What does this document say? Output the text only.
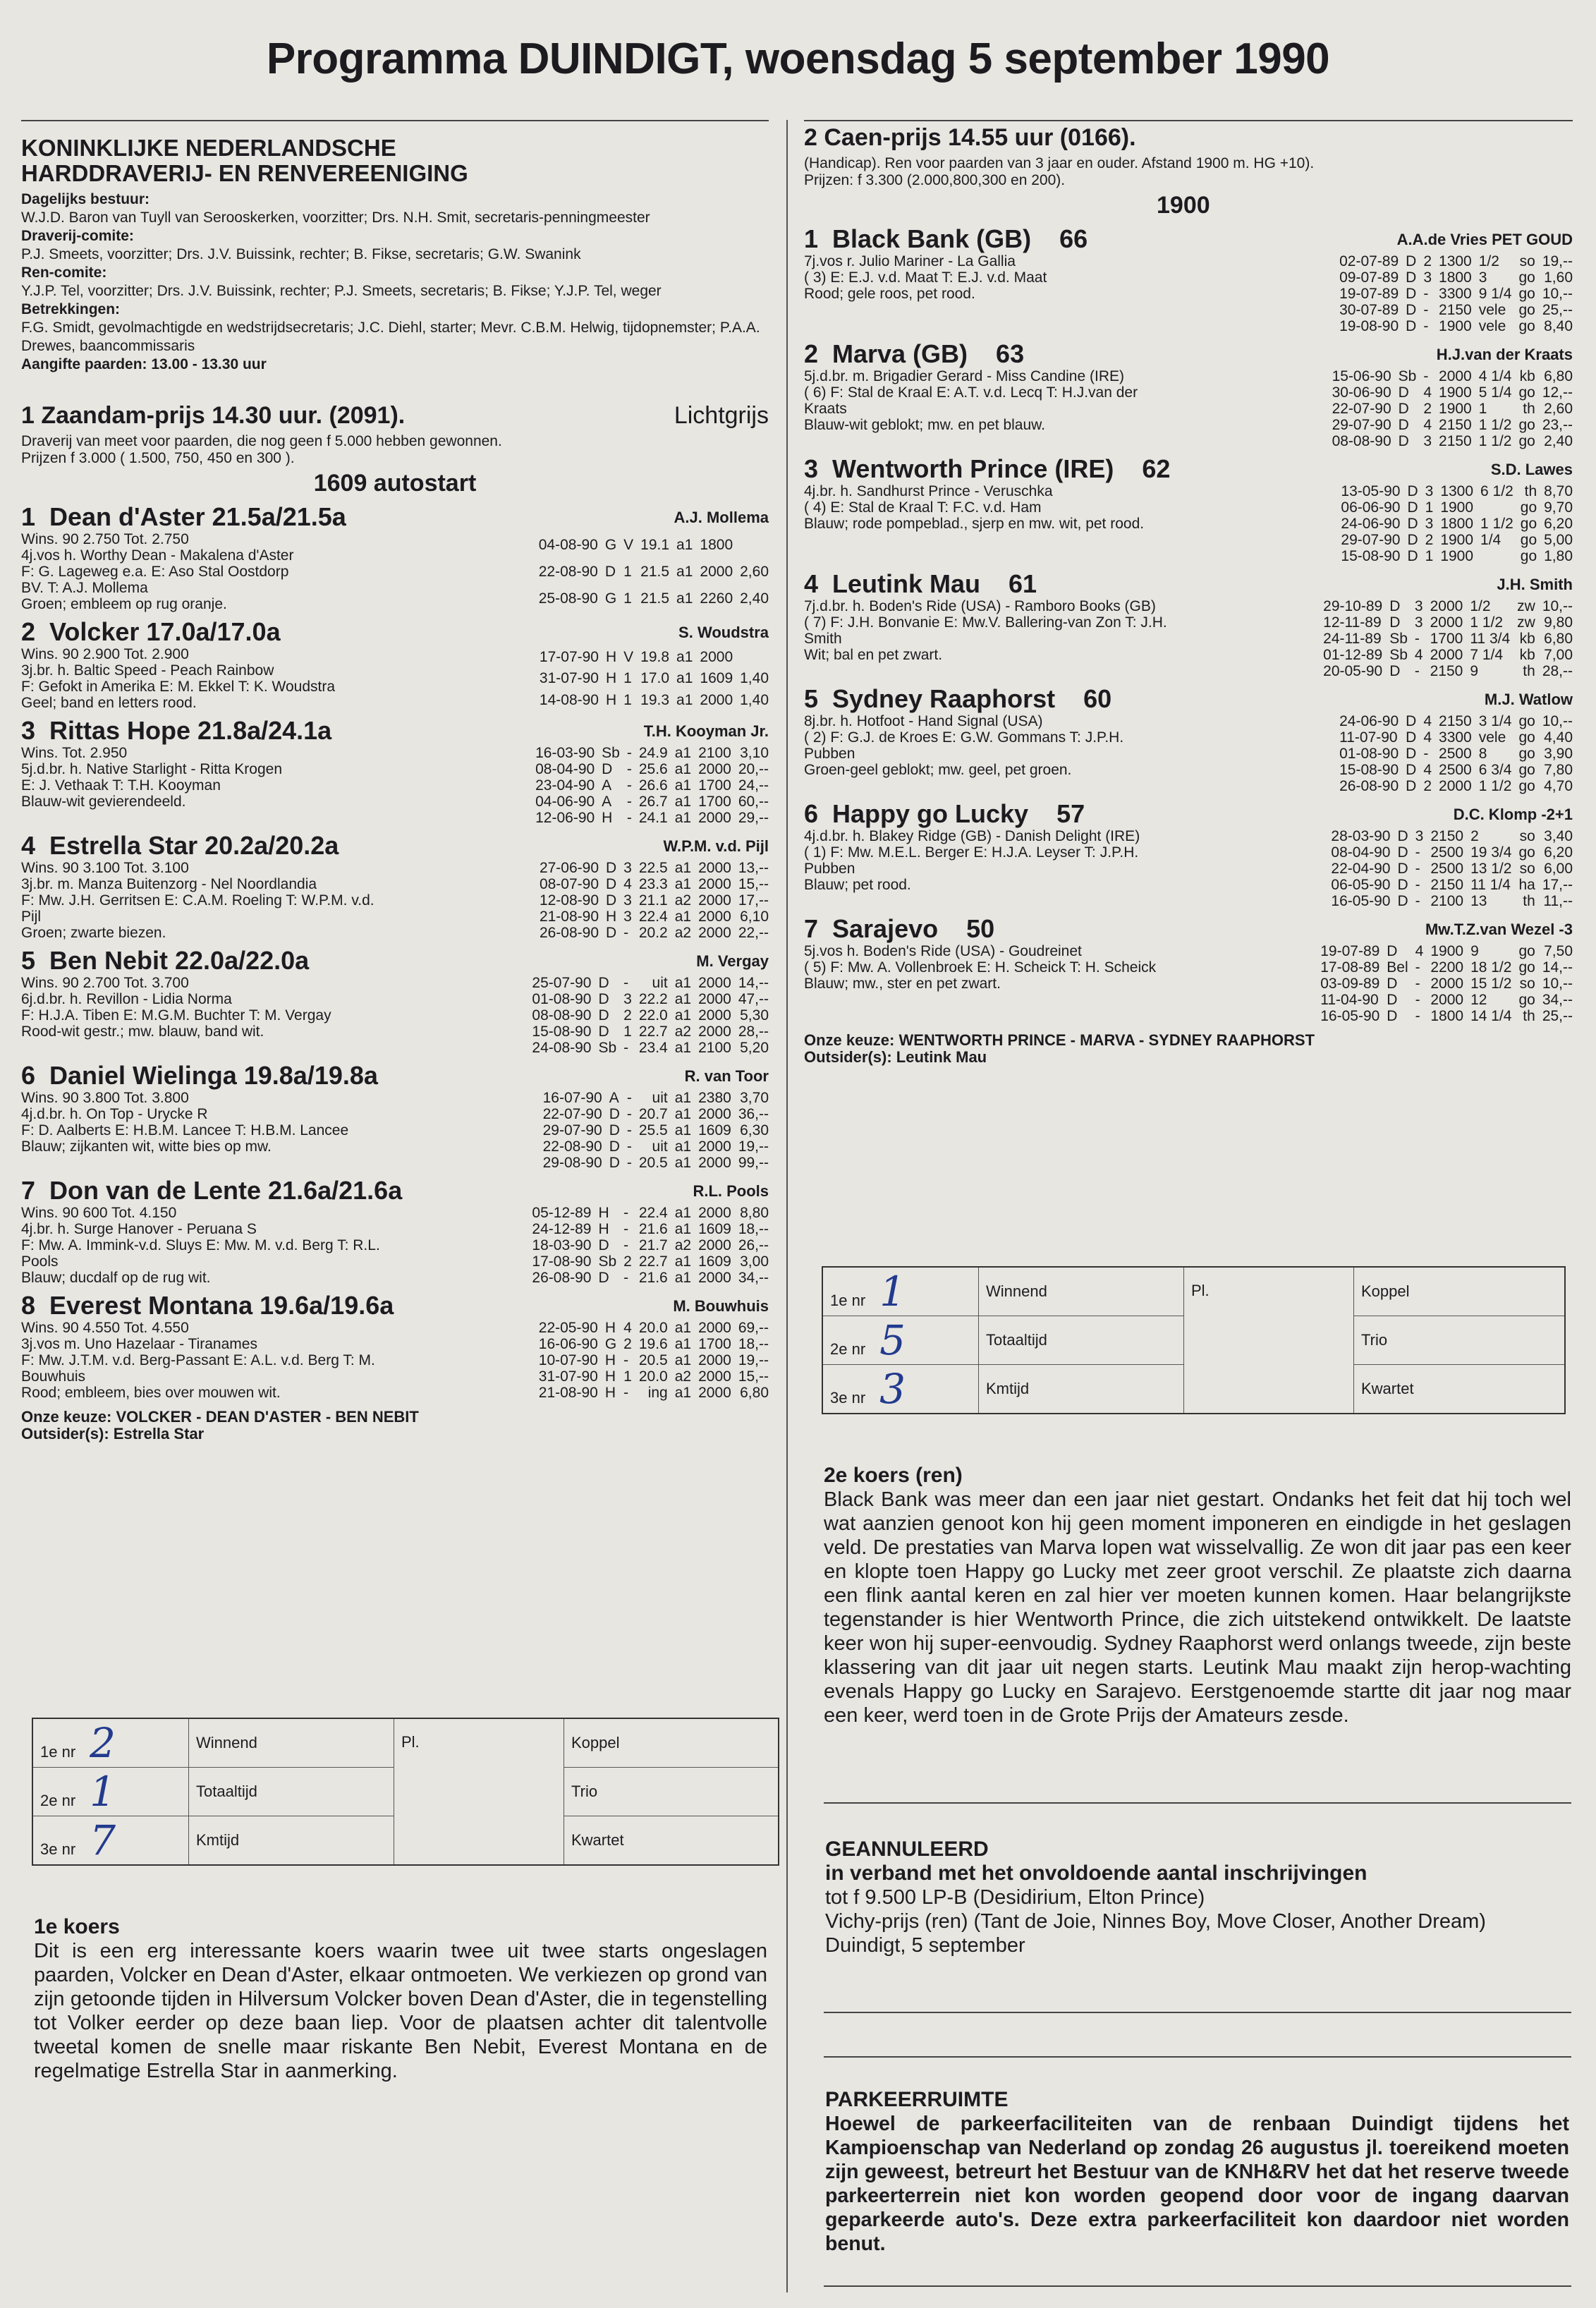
Programma DUINDIGT, woensdag 5 september 1990
KONINKLIJKE NEDERLANDSCHE
HARDDRAVERIJ- EN RENVEREENIGING
Dagelijks bestuur:
W.J.D. Baron van Tuyll van Serooskerken, voorzitter; Drs. N.H. Smit, secretaris-penningmeester
Draverij-comite:
P.J. Smeets, voorzitter; Drs. J.V. Buissink, rechter; B. Fikse, secretaris; G.W. Swanink
Ren-comite:
Y.J.P. Tel, voorzitter; Drs. J.V. Buissink, rechter; P.J. Smeets, secretaris; B. Fikse; Y.J.P. Tel, weger
Betrekkingen:
F.G. Smidt, gevolmachtigde en wedstrijdsecretaris; J.C. Diehl, starter; Mevr. C.B.M. Helwig, tijdopnemster; P.A.A. Drewes, baancommissaris
Aangifte paarden: 13.00 - 13.30 uur
1 Zaandam-prijs 14.30 uur. (2091).	Lichtgrijs
Draverij van meet voor paarden, die nog geen f 5.000 hebben gewonnen.
Prijzen f 3.000 ( 1.500, 750, 450 en 300 ).
1609 autostart
1 Dean d'Aster 21.5a/21.5a	A.J. Mollema
Wins. 90 2.750 Tot. 2.750
4j.vos h. Worthy Dean - Makalena d'Aster
F: G. Lageweg e.a. E: Aso Stal Oostdorp
BV. T: A.J. Mollema
Groen; embleem op rug oranje.
04-08-90	G	V	19.1	a1	1800	
22-08-90	D	1	21.5	a1	2000	2,60
25-08-90	G	1	21.5	a1	2260	2,40
2 Volcker 17.0a/17.0a	S. Woudstra
Wins. 90 2.900 Tot. 2.900
3j.br. h. Baltic Speed - Peach Rainbow
F: Gefokt in Amerika E: M. Ekkel T: K. Woudstra
Geel; band en letters rood.
17-07-90	H	V	19.8	a1	2000	
31-07-90	H	1	17.0	a1	1609	1,40
14-08-90	H	1	19.3	a1	2000	1,40
3 Rittas Hope 21.8a/24.1a	T.H. Kooyman Jr.
Wins. Tot. 2.950
5j.d.br. h. Native Starlight - Ritta Krogen
E: J. Vethaak T: T.H. Kooyman
Blauw-wit gevierendeeld.
16-03-90	Sb	-	24.9	a1	2100	3,10
08-04-90	D	-	25.6	a1	2000	20,--
23-04-90	A	-	26.6	a1	1700	24,--
04-06-90	A	-	26.7	a1	1700	60,--
12-06-90	H	-	24.1	a1	2000	29,--
4 Estrella Star 20.2a/20.2a	W.P.M. v.d. Pijl
Wins. 90 3.100 Tot. 3.100
3j.br. m. Manza Buitenzorg - Nel Noordlandia
F: Mw. J.H. Gerritsen E: C.A.M. Roeling T: W.P.M. v.d. Pijl
Groen; zwarte biezen.
27-06-90	D	3	22.5	a1	2000	13,--
08-07-90	D	4	23.3	a1	2000	15,--
12-08-90	D	3	21.1	a2	2000	17,--
21-08-90	H	3	22.4	a1	2000	6,10
26-08-90	D	-	20.2	a2	2000	22,--
5 Ben Nebit 22.0a/22.0a	M. Vergay
Wins. 90 2.700 Tot. 3.700
6j.d.br. h. Revillon - Lidia Norma
F: H.J.A. Tiben E: M.G.M. Buchter T: M. Vergay
Rood-wit gestr.; mw. blauw, band wit.
25-07-90	D	-	uit	a1	2000	14,--
01-08-90	D	3	22.2	a1	2000	47,--
08-08-90	D	2	22.0	a1	2000	5,30
15-08-90	D	1	22.7	a2	2000	28,--
24-08-90	Sb	-	23.4	a1	2100	5,20
6 Daniel Wielinga 19.8a/19.8a	R. van Toor
Wins. 90 3.800 Tot. 3.800
4j.d.br. h. On Top - Urycke R
F: D. Aalberts E: H.B.M. Lancee T: H.B.M. Lancee
Blauw; zijkanten wit, witte bies op mw.
16-07-90	A	-	uit	a1	2380	3,70
22-07-90	D	-	20.7	a1	2000	36,--
29-07-90	D	-	25.5	a1	1609	6,30
22-08-90	D	-	uit	a1	2000	19,--
29-08-90	D	-	20.5	a1	2000	99,--
7 Don van de Lente 21.6a/21.6a	R.L. Pools
Wins. 90 600 Tot. 4.150
4j.br. h. Surge Hanover - Peruana S
F: Mw. A. Immink-v.d. Sluys E: Mw. M. v.d. Berg T: R.L. Pools
Blauw; ducdalf op de rug wit.
05-12-89	H	-	22.4	a1	2000	8,80
24-12-89	H	-	21.6	a1	1609	18,--
18-03-90	D	-	21.7	a2	2000	26,--
17-08-90	Sb	2	22.7	a1	1609	3,00
26-08-90	D	-	21.6	a1	2000	34,--
8 Everest Montana 19.6a/19.6a	M. Bouwhuis
Wins. 90 4.550 Tot. 4.550
3j.vos m. Uno Hazelaar - Tiranames
F: Mw. J.T.M. v.d. Berg-Passant E: A.L. v.d. Berg T: M. Bouwhuis
Rood; embleem, bies over mouwen wit.
22-05-90	H	4	20.0	a1	2000	69,--
16-06-90	G	2	19.6	a1	1700	18,--
10-07-90	H	-	20.5	a1	2000	19,--
31-07-90	H	1	20.0	a2	2000	15,--
21-08-90	H	-	ing	a1	2000	6,80
Onze keuze: VOLCKER - DEAN D'ASTER - BEN NEBIT
Outsider(s): Estrella Star
1e nr 2	Winnend	Pl.	Koppel
2e nr 1	Totaaltijd		Trio
3e nr 7	Kmtijd		Kwartet
1e koers
Dit is een erg interessante koers waarin twee uit twee starts ongeslagen paarden, Volcker en Dean d'Aster, elkaar ontmoeten. We verkiezen op grond van zijn getoonde tijden in Hilversum Volcker boven Dean d'Aster, die in tegenstelling tot Volker eerder op deze baan liep. Voor de plaatsen achter dit talentvolle tweetal komen de snelle maar riskante Ben Nebit, Everest Montana en de regelmatige Estrella Star in aanmerking.
2 Caen-prijs 14.55 uur (0166).
(Handicap). Ren voor paarden van 3 jaar en ouder. Afstand 1900 m. HG +10).
Prijzen: f 3.300 (2.000,800,300 en 200).
1900
1 Black Bank (GB) 66	A.A.de Vries PET GOUD
7j.vos r. Julio Mariner - La Gallia
( 3) E: E.J. v.d. Maat T: E.J. v.d. Maat
Rood; gele roos, pet rood.
02-07-89	D	2	1300	1/2	so	19,--
09-07-89	D	3	1800	3	go	1,60
19-07-89	D	-	3300	9 1/4	go	10,--
30-07-89	D	-	2150	vele	go	25,--
19-08-90	D	-	1900	vele	go	8,40
2 Marva (GB) 63	H.J.van der Kraats
5j.d.br. m. Brigadier Gerard - Miss Candine (IRE)
( 6) F: Stal de Kraal E: A.T. v.d. Lecq T: H.J.van der Kraats
Blauw-wit geblokt; mw. en pet blauw.
15-06-90	Sb	-	2000	4 1/4	kb	6,80
30-06-90	D	4	1900	5 1/4	go	12,--
22-07-90	D	2	1900	1	th	2,60
29-07-90	D	4	2150	1 1/2	go	23,--
08-08-90	D	3	2150	1 1/2	go	2,40
3 Wentworth Prince (IRE) 62	S.D. Lawes
4j.br. h. Sandhurst Prince - Veruschka
( 4) E: Stal de Kraal T: F.C. v.d. Ham
Blauw; rode pompeblad., sjerp en mw. wit, pet rood.
13-05-90	D	3	1300	6 1/2	th	8,70
06-06-90	D	1	1900		go	9,70
24-06-90	D	3	1800	1 1/2	go	6,20
29-07-90	D	2	1900	1/4	go	5,00
15-08-90	D	1	1900		go	1,80
4 Leutink Mau 61	J.H. Smith
7j.d.br. h. Boden's Ride (USA) - Ramboro Books (GB)
( 7) F: J.H. Bonvanie E: Mw.V. Ballering-van Zon T: J.H. Smith
Wit; bal en pet zwart.
29-10-89	D	3	2000	1/2	zw	10,--
12-11-89	D	3	2000	1 1/2	zw	9,80
24-11-89	Sb	-	1700	11 3/4	kb	6,80
01-12-89	Sb	4	2000	7 1/4	kb	7,00
20-05-90	D	-	2150	9	th	28,--
5 Sydney Raaphorst 60	M.J. Watlow
8j.br. h. Hotfoot - Hand Signal (USA)
( 2) F: G.J. de Kroes E: G.W. Gommans T: J.P.H. Pubben
Groen-geel geblokt; mw. geel, pet groen.
24-06-90	D	4	2150	3 1/4	go	10,--
11-07-90	D	4	3300	vele	go	4,40
01-08-90	D	-	2500	8	go	3,90
15-08-90	D	4	2500	6 3/4	go	7,80
26-08-90	D	2	2000	1 1/2	go	4,70
6 Happy go Lucky 57	D.C. Klomp -2+1
4j.d.br. h. Blakey Ridge (GB) - Danish Delight (IRE)
( 1) F: Mw. M.E.L. Berger E: H.J.A. Leyser T: J.P.H. Pubben
Blauw; pet rood.
28-03-90	D	3	2150	2	so	3,40
08-04-90	D	-	2500	19 3/4	go	6,20
22-04-90	D	-	2500	13 1/2	so	6,00
06-05-90	D	-	2150	11 1/4	ha	17,--
16-05-90	D	-	2100	13	th	11,--
7 Sarajevo 50	Mw.T.Z.van Wezel -3
5j.vos h. Boden's Ride (USA) - Goudreinet
( 5) F: Mw. A. Vollenbroek E: H. Scheick T: H. Scheick
Blauw; mw., ster en pet zwart.
19-07-89	D	4	1900	9	go	7,50
17-08-89	Bel	-	2200	18 1/2	go	14,--
03-09-89	D	-	2000	15 1/2	so	10,--
11-04-90	D	-	2000	12	go	34,--
16-05-90	D	-	1800	14 1/4	th	25,--
Onze keuze: WENTWORTH PRINCE - MARVA - SYDNEY RAAPHORST
Outsider(s): Leutink Mau
1e nr 1	Winnend	Pl.	Koppel
2e nr 5	Totaaltijd		Trio
3e nr 3	Kmtijd		Kwartet
2e koers (ren)
Black Bank was meer dan een jaar niet gestart. Ondanks het feit dat hij toch wel wat aanzien genoot kon hij geen moment imponeren en eindigde in het geslagen veld. De prestaties van Marva lopen wat wisselvallig. Ze won dit jaar pas een keer en klopte toen Happy go Lucky met zeer groot verschil. Ze plaatste zich daarna een flink aantal keren en zal hier ver moeten kunnen komen. Haar belangrijkste tegenstander is hier Wentworth Prince, die zich uitstekend ontwikkelt. De laatste keer won hij super-eenvoudig. Sydney Raaphorst werd onlangs tweede, zijn beste klassering van dit jaar uit negen starts. Leutink Mau maakt zijn herop-wachting evenals Happy go Lucky en Sarajevo. Eerstgenoemde startte dit jaar nog maar een keer, werd toen in de Grote Prijs der Amateurs zesde.
GEANNULEERD
in verband met het onvoldoende aantal inschrijvingen
tot f 9.500 LP-B (Desidirium, Elton Prince)
Vichy-prijs (ren) (Tant de Joie, Ninnes Boy, Move Closer, Another Dream)
Duindigt, 5 september
PARKEERRUIMTE
Hoewel de parkeerfaciliteiten van de renbaan Duindigt tijdens het Kampioenschap van Nederland op zondag 26 augustus jl. toereikend moeten zijn geweest, betreurt het Bestuur van de KNH&RV het dat het reserve tweede parkeerterrein niet kon worden geopend door voor de ingang daarvan geparkeerde auto's. Deze extra parkeerfaciliteit kon daardoor niet worden benut.
